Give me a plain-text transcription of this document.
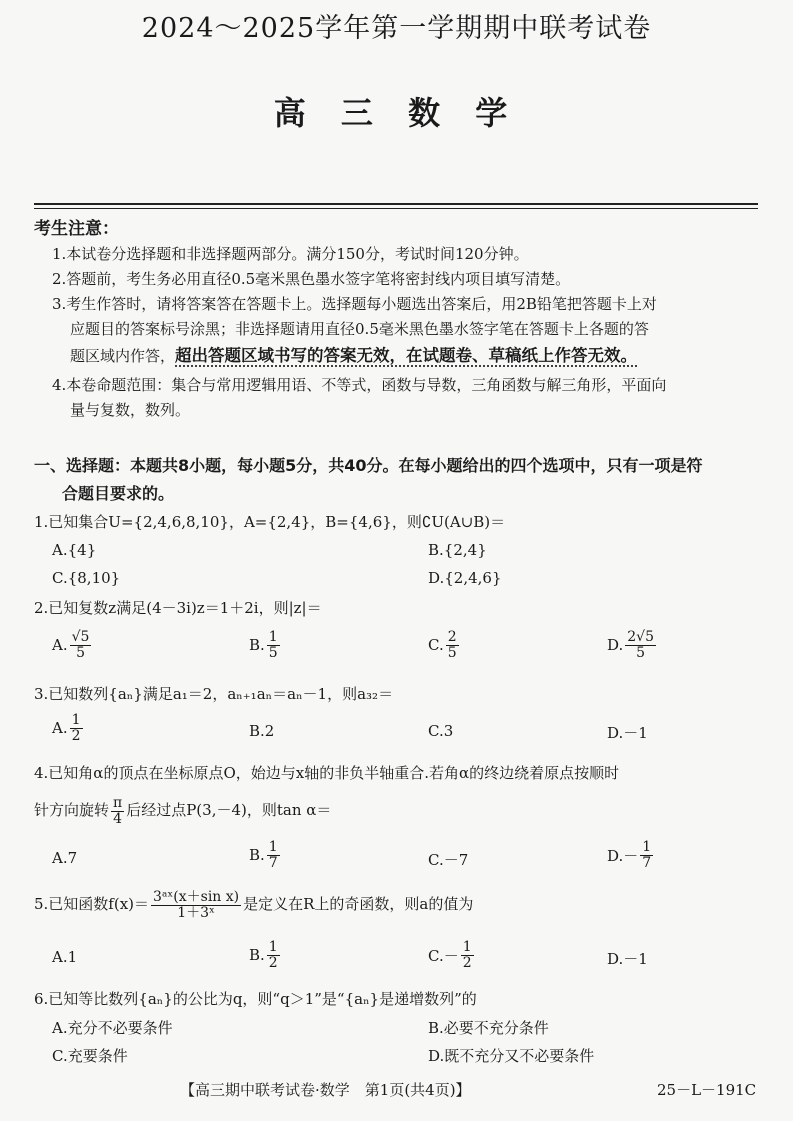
2024～2025学年第一学期期中联考试卷
高 三 数 学
考生注意：
1.本试卷分选择题和非选择题两部分。满分150分，考试时间120分钟。
2.答题前，考生务必用直径0.5毫米黑色墨水签字笔将密封线内项目填写清楚。
3.考生作答时，请将答案答在答题卡上。选择题每小题选出答案后，用2B铅笔把答题卡上对
应题目的答案标号涂黑；非选择题请用直径0.5毫米黑色墨水签字笔在答题卡上各题的答
题区域内作答，超出答题区域书写的答案无效，在试题卷、草稿纸上作答无效。
4.本卷命题范围：集合与常用逻辑用语、不等式，函数与导数，三角函数与解三角形，平面向
量与复数，数列。
一、选择题：本题共8小题，每小题5分，共40分。在每小题给出的四个选项中，只有一项是符
合题目要求的。
1.已知集合U={2,4,6,8,10}，A={2,4}，B={4,6}，则∁U(A∪B)＝
A.{4}	B.{2,4}
C.{8,10}	D.{2,4,6}
2.已知复数z满足(4－3i)z＝1＋2i，则|z|＝
A. $\frac{√5}{5}$	B. $\frac{1}{5}$	C. $\frac{2}{5}$	D. $\frac{2√5}{5}$
3.已知数列{aₙ}满足a₁＝2，aₙ₊₁aₙ＝aₙ－1，则a₃₂＝
A. $\frac{1}{2}$	B.2	C.3	D.－1
4.已知角α的顶点在坐标原点O，始边与x轴的非负半轴重合.若角α的终边绕着原点按顺时
针方向旋转 $\frac{\pi}{4}$ 后经过点P(3,－4)，则tan α＝
A.7	B. $\frac{1}{7}$	C.－7	$D.- \frac{1}{7}$
5.已知函数$f(x)= \frac{\text{3ᵃˣ(x＋sin x)}}{\text{1＋3ˣ}}$ 是定义在R上的奇函数，则a的值为
A.1	B. $\frac{1}{2}$	$C.- \frac{1}{2}$	D.－1
6.已知等比数列{aₙ}的公比为q，则“q＞1”是“{aₙ}是递增数列”的
A.充分不必要条件	B.必要不充分条件
C.充要条件	D.既不充分又不必要条件
【高三期中联考试卷·数学　第1页(共4页)】	25－L－191C
